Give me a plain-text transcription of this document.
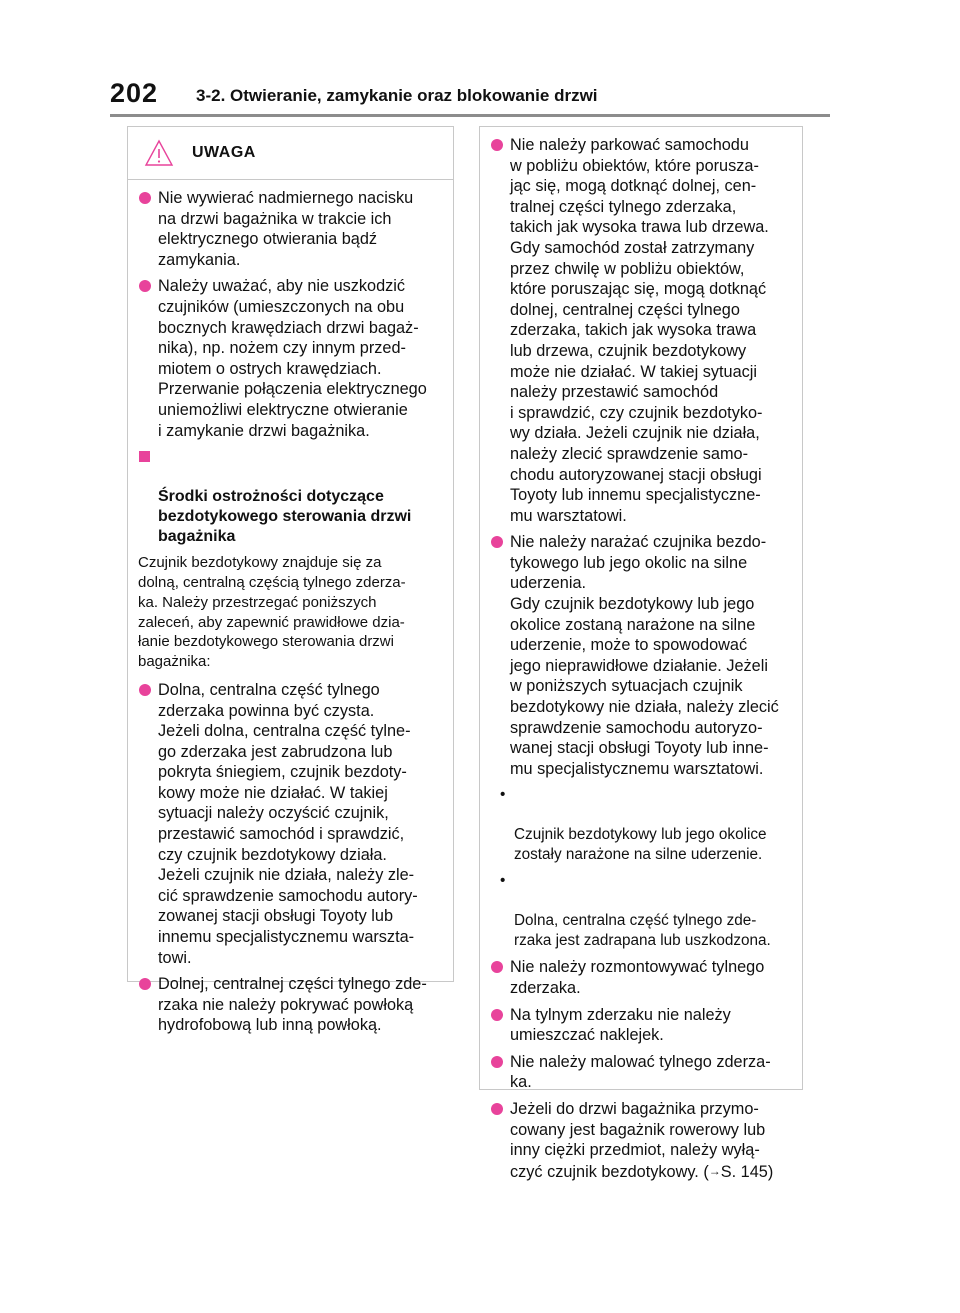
202 3-2. Otwieranie, zamykanie oraz blokowanie drzwi
UWAGA
Nie wywierać nadmiernego nacisku
na drzwi bagażnika w trakcie ich
elektrycznego otwierania bądź
zamykania.
Należy uważać, aby nie uszkodzić
czujników (umieszczonych na obu
bocznych krawędziach drzwi bagaż-
nika), np. nożem czy innym przed-
miotem o ostrych krawędziach.
Przerwanie połączenia elektrycznego
uniemożliwi elektryczne otwieranie
i zamykanie drzwi bagażnika.

Środki ostrożności dotyczące
bezdotykowego sterowania drzwi
bagażnika

Czujnik bezdotykowy znajduje się za
dolną, centralną częścią tylnego zderza-
ka. Należy przestrzegać poniższych
zaleceń, aby zapewnić prawidłowe dzia-
łanie bezdotykowego sterowania drzwi
bagażnika:
Dolna, centralna część tylnego
zderzaka powinna być czysta.
Jeżeli dolna, centralna część tylne-
go zderzaka jest zabrudzona lub
pokryta śniegiem, czujnik bezdoty-
kowy może nie działać. W takiej
sytuacji należy oczyścić czujnik,
przestawić samochód i sprawdzić,
czy czujnik bezdotykowy działa.
Jeżeli czujnik nie działa, należy zle-
cić sprawdzenie samochodu autory-
zowanej stacji obsługi Toyoty lub
innemu specjalistycznemu warszta-
towi.
Dolnej, centralnej części tylnego zde-
rzaka nie należy pokrywać powłoką
hydrofobową lub inną powłoką.
Nie należy parkować samochodu
w pobliżu obiektów, które porusza-
jąc się, mogą dotknąć dolnej, cen-
tralnej części tylnego zderzaka,
takich jak wysoka trawa lub drzewa.
Gdy samochód został zatrzymany
przez chwilę w pobliżu obiektów,
które poruszając się, mogą dotknąć
dolnej, centralnej części tylnego
zderzaka, takich jak wysoka trawa
lub drzewa, czujnik bezdotykowy
może nie działać. W takiej sytuacji
należy przestawić samochód
i sprawdzić, czy czujnik bezdotyko-
wy działa. Jeżeli czujnik nie działa,
należy zlecić sprawdzenie samo-
chodu autoryzowanej stacji obsługi
Toyoty lub innemu specjalistyczne-
mu warsztatowi.
Nie należy narażać czujnika bezdo-
tykowego lub jego okolic na silne
uderzenia.
Gdy czujnik bezdotykowy lub jego
okolice zostaną narażone na silne
uderzenie, może to spowodować
jego nieprawidłowe działanie. Jeżeli
w poniższych sytuacjach czujnik
bezdotykowy nie działa, należy zlecić
sprawdzenie samochodu autoryzo-
wanej stacji obsługi Toyoty lub inne-
mu specjalistycznemu warsztatowi.

•

Czujnik bezdotykowy lub jego okolice
zostały narażone na silne uderzenie.

•

Dolna, centralna część tylnego zde-
rzaka jest zadrapana lub uszkodzona.

Nie należy rozmontowywać tylnego
zderzaka.
Na tylnym zderzaku nie należy
umieszczać naklejek.
Nie należy malować tylnego zderza-
ka.
Jeżeli do drzwi bagażnika przymo-
cowany jest bagażnik rowerowy lub
inny ciężki przedmiot, należy wyłą-
czyć czujnik bezdotykowy. (→S. 145)
